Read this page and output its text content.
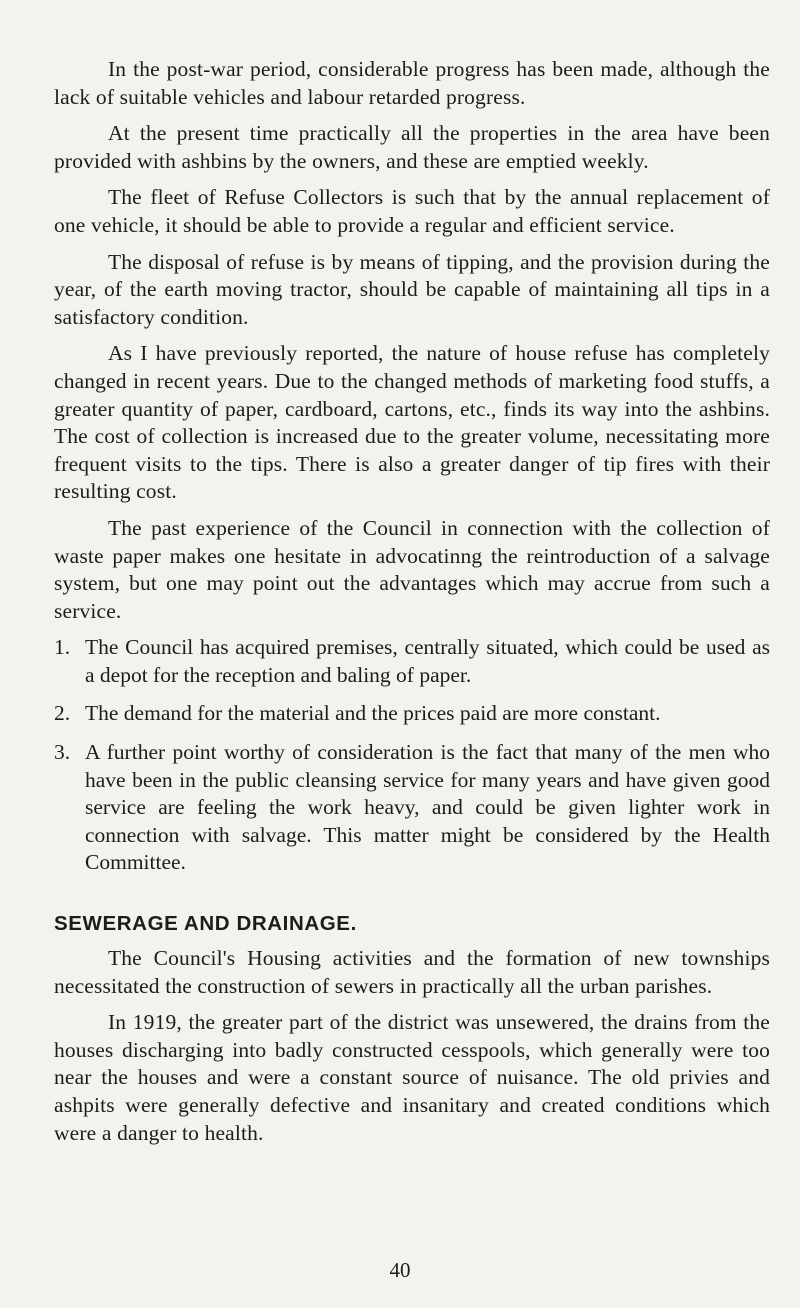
In the post-war period, considerable progress has been made, although the lack of suitable vehicles and labour retarded progress.

At the present time practically all the properties in the area have been provided with ashbins by the owners, and these are emptied weekly.

The fleet of Refuse Collectors is such that by the annual replacement of one vehicle, it should be able to provide a regular and efficient service.

The disposal of refuse is by means of tipping, and the provision during the year, of the earth moving tractor, should be capable of maintaining all tips in a satisfactory condition.

As I have previously reported, the nature of house refuse has completely changed in recent years. Due to the changed methods of marketing food stuffs, a greater quantity of paper, cardboard, cartons, etc., finds its way into the ashbins. The cost of collection is increased due to the greater volume, necessitating more frequent visits to the tips. There is also a greater danger of tip fires with their resulting cost.

The past experience of the Council in connection with the collection of waste paper makes one hesitate in advocatinng the reintroduction of a salvage system, but one may point out the advantages which may accrue from such a service.

1. The Council has acquired premises, centrally situated, which could be used as a depot for the reception and baling of paper.
2. The demand for the material and the prices paid are more constant.
3. A further point worthy of consideration is the fact that many of the men who have been in the public cleansing service for many years and have given good service are feeling the work heavy, and could be given lighter work in connection with salvage. This matter might be considered by the Health Committee.
SEWERAGE AND DRAINAGE.

The Council's Housing activities and the formation of new townships necessitated the construction of sewers in practically all the urban parishes.

In 1919, the greater part of the district was unsewered, the drains from the houses discharging into badly constructed cesspools, which generally were too near the houses and were a constant source of nuisance. The old privies and ashpits were generally defective and insanitary and created conditions which were a danger to health.

40
